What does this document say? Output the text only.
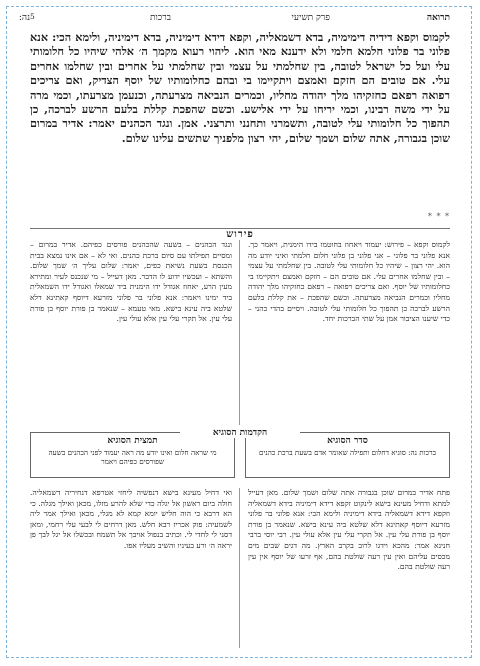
תרואה
פרק תשיעי
ברכות
$^5$
נה:

לקמוס וקפא דידיה דימימיה, בדא דשמאליה, וקפא דידא דימיניה, בדא דימיניה, ולימא הכי: אנא פלוני בר פלוני חלמא חלמי ולא ידענא מאי הוא. ליהוי רעוא מקמך ה׳ אלהי שיהיו כל חלומותי עלי ועל כל ישראל לטובה, בין שחלמתי על עצמי ובין שחלמתי על אחרים ובין שחלמו אחרים עלי. אם טובים הם חזקם ואמצם ויתקיימו בי ובהם כחלומותיו של יוסף הצדיק, ואם צריכים רפואה רפאם כחזקיהו מלך יהודה מחליו, וכמרים הנביאה מצרעתה, וכנעמן מצרעתו, וכמי מרה על ידי משה רבינו, וכמי יריחו על ידי אלישע. וכשם שהפכת קללת בלעם הרשע לברכה, כן תהפוך כל חלומותי עלי לטובה, ותשמרני ותחנני ותרצני. אמן. ונגד הכהנים יאמר: אדיר במרום שוכן בגבורה, אתה שלום ושמך שלום, יהי רצון מלפניך שתשים עלינו שלום.

* * *
פירוש

לקמוס וקפא – פירוש: יעמוד ויאחוז בחוטמו בידו הימנית, ויאמר כך. אנא פלוני בר פלוני – אני פלוני בן פלוני חלום חלמתי ואיני יודע מה הוא. יהי רצון – שיהיו כל חלומותי עלי לטובה. בין שחלמתי על עצמי – ובין שחלמו אחרים עלי. אם טובים הם – חזקם ואמצם ויתקיימו בי כחלומותיו של יוסף. ואם צריכים רפואה – רפאם כחזקיהו מלך יהודה מחליו וכמרים הנביאה מצרעתה. וכשם שהפכת – את קללת בלעם הרשע לברכה כן תהפוך כל חלומותי עלי לטובה. ויסיים בהדי כהני – כדי שיענו הציבור אמן על שתי הברכות יחד.

ונגד הכהנים – בשעה שהכהנים פורסים כפיהם. אדיר במרום – ומסיים תפילתו עם סיום ברכת כהנים. ואי לא – אם אינו נמצא בבית הכנסת בשעת נשיאת כפים, יאמר: שלום עליך ה׳ שמך שלום. והשתא – ועכשיו ידוע לו הדבר. מאן דעייל – מי שנכנס לעיר ומתירא מעין הרע, יאחוז אגודל ידו הימנית ביד שמאלו ואגודל ידו השמאלית ביד ימינו ויאמר: אנא פלוני בר פלוני מזרעא דיוסף קאתינא דלא שלטא ביה עינא בישא. מאי טעמא – שנאמר בן פורת יוסף בן פורת עלי עין. אל תקרי עלי עין אלא עולי עין.

סדר הסוגיא
ברכות נה: סוגיא דחלום ותפילה שאומר אדם בשעת ברכת כהנים
תמצית הסוגיא
מי שראה חלום ואינו יודע מה ראה יעמוד לפני הכהנים בשעה שפורסים כפיהם ויאמר
הקדמות הסוגיא

פתח אדיר במרום שוכן בגבורה אתה שלום ושמך שלום. מאן דעייל למתא ודחיל מעינא בישא לינקוט זקפא דידא דימיניה בידא דשמאליה וזקפא דידא דשמאליה בידא דימיניה ולימא הכי: אנא פלוני בר פלוני מזרעא דיוסף קאתינא דלא שלטא ביה עינא בישא. שנאמר בן פורת יוסף בן פורת עלי עין. אל תקרי עלי עין אלא עולי עין. רבי יוסי ברבי חנינא אמר: מהכא וידגו לרוב בקרב הארץ. מה דגים שבים מים מכסים עליהם ואין עין רעה שולטת בהם, אף זרעו של יוסף אין עין רעה שולטת בהם.

ואי דחיל מעינא בישא דנפשיה ליחזי אטרפא דנחיריה דשמאליה. חולה ביום ראשון אל יגלה כדי שלא להרע מזלו, מכאן ואילך מגלה. כי הא דרבא כי הוה חליש יומא קמא לא מגלי, מכאן ואילך אמר ליה לשמעיה: פוק אכריז רבא חלש. מאן דרחים לי לבעי עלי רחמי, ומאן דסני לי לחדי לי. וכתיב בנפול אויבך אל תשמח ובכשלו אל יגל לבך פן יראה ה׳ ורע בעיניו והשיב מעליו אפו.
